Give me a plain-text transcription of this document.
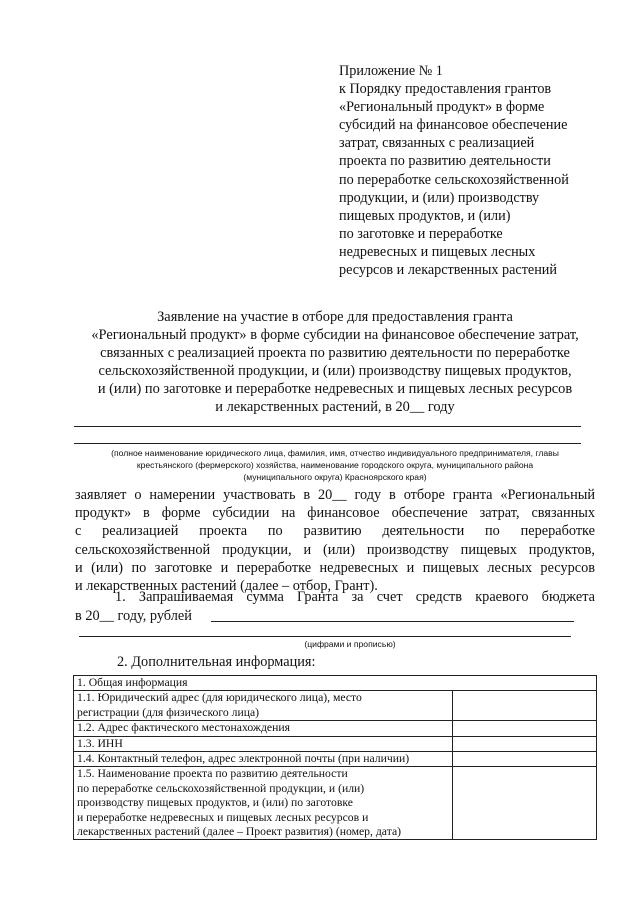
Приложение № 1
к Порядку предоставления грантов
«Региональный продукт» в форме
субсидий на финансовое обеспечение
затрат, связанных с реализацией
проекта по развитию деятельности
по переработке сельскохозяйственной
продукции, и (или) производству
пищевых продуктов, и (или)
по заготовке и переработке
недревесных и пищевых лесных
ресурсов и лекарственных растений
Заявление на участие в отборе для предоставления гранта
«Региональный продукт» в форме субсидии на финансовое обеспечение затрат,
связанных с реализацией проекта по развитию деятельности по переработке
сельскохозяйственной продукции, и (или) производству пищевых продуктов,
и (или) по заготовке и переработке недревесных и пищевых лесных ресурсов
и лекарственных растений, в 20__ году
(полное наименование юридического лица, фамилия, имя, отчество индивидуального предпринимателя, главы
крестьянского (фермерского) хозяйства, наименование городского округа, муниципального района
(муниципального округа) Красноярского края)
заявляет о намерении участвовать в 20__ году в отборе гранта «Региональный
продукт» в форме субсидии на финансовое обеспечение затрат, связанных
с реализацией проекта по развитию деятельности по переработке
сельскохозяйственной продукции, и (или) производству пищевых продуктов,
и (или) по заготовке и переработке недревесных и пищевых лесных ресурсов
и лекарственных растений (далее – отбор, Грант).
1. Запрашиваемая сумма Гранта за счет средств краевого бюджета
в 20__ году, рублей
(цифрами и прописью)
2. Дополнительная информация:
1. Общая информация	

1.1. Юридический адрес (для юридического лица), место
регистрации (для физического лица)	

1.2. Адрес фактического местонахождения	

1.3. ИНН	

1.4. Контактный телефон, адрес электронной почты (при наличии)	

1.5. Наименование проекта по развитию деятельности
по переработке сельскохозяйственной продукции, и (или)
производству пищевых продуктов, и (или) по заготовке
и переработке недревесных и пищевых лесных ресурсов и
лекарственных растений (далее – Проект развития) (номер, дата)	
